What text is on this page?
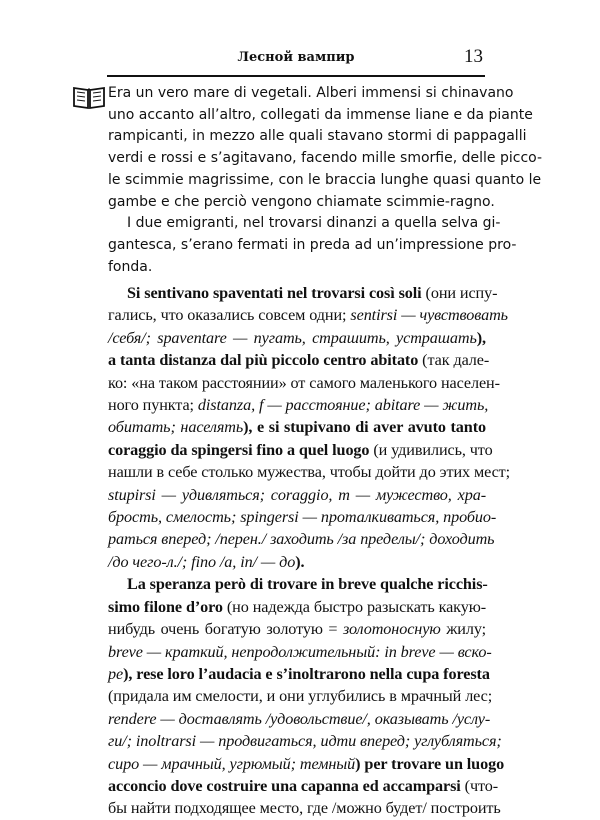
Лесной вампир	13

Era un vero mare di vegetali. Alberi immensi si chinavano
uno accanto all’altro, collegati da immense liane e da piante
rampicanti, in mezzo alle quali stavano stormi di pappagalli
verdi e rossi e s’agitavano, facendo mille smorfie, delle picco-
le scimmie magrissime, con le braccia lunghe quasi quanto le
gambe e che perciò vengono chiamate scimmie-ragno.

I due emigranti, nel trovarsi dinanzi a quella selva gi-
gantesca, s’erano fermati in preda ad un’impressione pro-
fonda.

Si sentivano spaventati nel trovarsi così soli (они испу-
гались, что оказались совсем одни; sentirsi — чувствовать
/себя/; spaventare — пугать, страшить, устрашать),
a tanta distanza dal più piccolo centro abitato (так дале-
ко: «на таком расстоянии» от самого маленького населен-
ного пункта; distanza, f — расстояние; abitare — жить,
обитать; населять), e si stupivano di aver avuto tanto
coraggio da spingersi fino a quel luogo (и удивились, что
нашли в себе столько мужества, чтобы дойти до этих мест;
stupirsi — удивляться; coraggio, m — мужество, хра-
брость, смелость; spingersi — проталкиваться, пробио-
раться вперед; /перен./ заходить /за пределы/; доходить
/до чего-л./; fino /a, in/ — до).
La speranza però di trovare in breve qualche ricchis-
simo filone d’oro (но надежда быстро разыскать какую-
нибудь очень богатую золотую = золотоносную жилу;
breve — краткий, непродолжительный: in breve — вско-
ре), rese loro l’audacia e s’inoltrarono nella cupa foresta
(придала им смелости, и они углубились в мрачный лес;
rendere — доставлять /удовольствие/, оказывать /услу-
ги/; inoltrarsi — продвигаться, идти вперед; углубляться;
cupo — мрачный, угрюмый; темный) per trovare un luogo
acconcio dove costruire una capanna ed accamparsi (что-
бы найти подходящее место, где /можно будет/ построить
